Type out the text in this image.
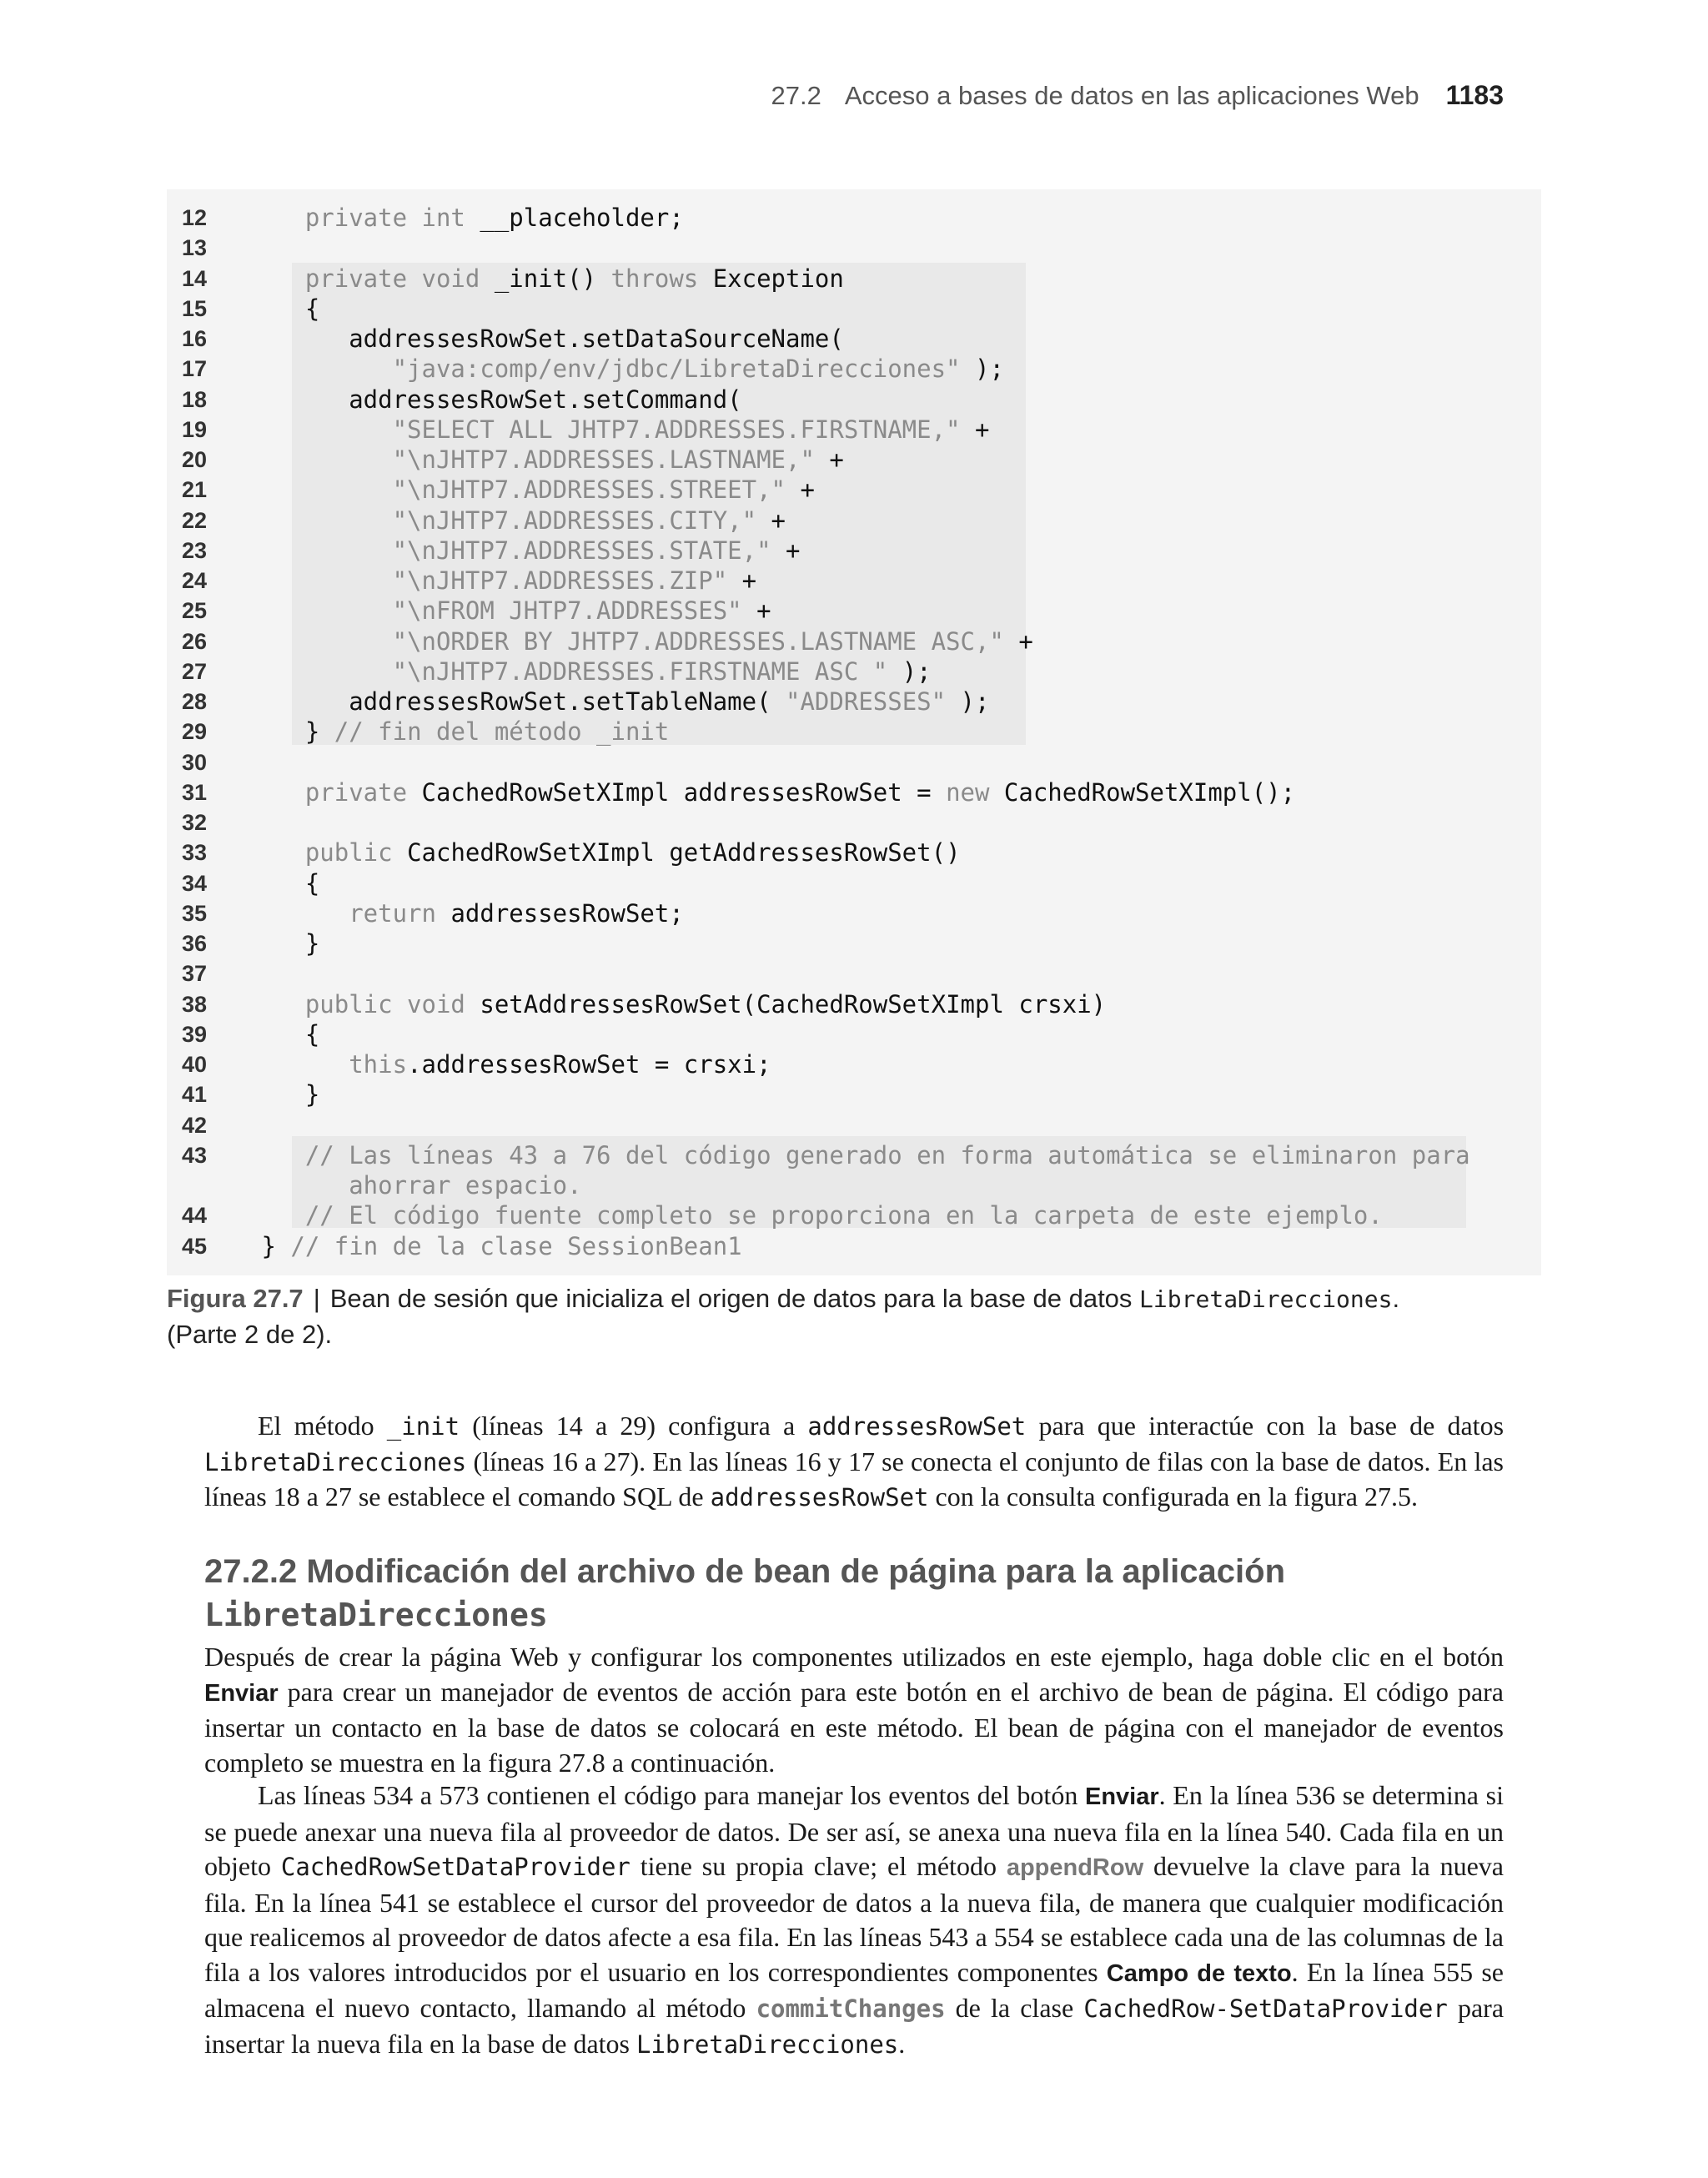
27.2 Acceso a bases de datos en las aplicaciones Web 1183
12	private int __placeholder;
13
14	private void _init() throws Exception
15	{
16	addressesRowSet.setDataSourceName(
17	"java:comp/env/jdbc/LibretaDirecciones" );
18	addressesRowSet.setCommand(
19	"SELECT ALL JHTP7.ADDRESSES.FIRSTNAME," +
20	"\nJHTP7.ADDRESSES.LASTNAME," +
21	"\nJHTP7.ADDRESSES.STREET," +
22	"\nJHTP7.ADDRESSES.CITY," +
23	"\nJHTP7.ADDRESSES.STATE," +
24	"\nJHTP7.ADDRESSES.ZIP" +
25	"\nFROM JHTP7.ADDRESSES" +
26	"\nORDER BY JHTP7.ADDRESSES.LASTNAME ASC," +
27	"\nJHTP7.ADDRESSES.FIRSTNAME ASC " );
28	addressesRowSet.setTableName( "ADDRESSES" );
29	} // fin del método _init
30
31	private CachedRowSetXImpl addressesRowSet = new CachedRowSetXImpl();
32
33	public CachedRowSetXImpl getAddressesRowSet()
34	{
35	return addressesRowSet;
36	}
37
38	public void setAddressesRowSet(CachedRowSetXImpl crsxi)
39	{
40	this.addressesRowSet = crsxi;
41	}
42
43	// Las líneas 43 a 76 del código generado en forma automática se eliminaron para
ahorrar espacio.
44	// El código fuente completo se proporciona en la carpeta de este ejemplo.
45	} // fin de la clase SessionBean1
Figura 27.7 | Bean de sesión que inicializa el origen de datos para la base de datos LibretaDirecciones.
(Parte 2 de 2).
El método _init (líneas 14 a 29) configura a addressesRowSet para que interactúe con la base de datos LibretaDirecciones (líneas 16 a 27). En las líneas 16 y 17 se conecta el conjunto de filas con la base de datos. En las líneas 18 a 27 se establece el comando SQL de addressesRowSet con la consulta configurada en la figura 27.5.
27.2.2 Modificación del archivo de bean de página para la aplicación
LibretaDirecciones
Después de crear la página Web y configurar los componentes utilizados en este ejemplo, haga doble clic en el botón Enviar para crear un manejador de eventos de acción para este botón en el archivo de bean de página. El código para insertar un contacto en la base de datos se colocará en este método. El bean de página con el manejador de eventos completo se muestra en la figura 27.8 a continuación.
Las líneas 534 a 573 contienen el código para manejar los eventos del botón Enviar. En la línea 536 se determina si se puede anexar una nueva fila al proveedor de datos. De ser así, se anexa una nueva fila en la línea 540. Cada fila en un objeto CachedRowSetDataProvider tiene su propia clave; el método appendRow devuelve la clave para la nueva fila. En la línea 541 se establece el cursor del proveedor de datos a la nueva fila, de manera que cualquier modificación que realicemos al proveedor de datos afecte a esa fila. En las líneas 543 a 554 se establece cada una de las columnas de la fila a los valores introducidos por el usuario en los correspondientes componentes Campo de texto. En la línea 555 se almacena el nuevo contacto, llamando al método commitChanges de la clase CachedRow-SetDataProvider para insertar la nueva fila en la base de datos LibretaDirecciones.
